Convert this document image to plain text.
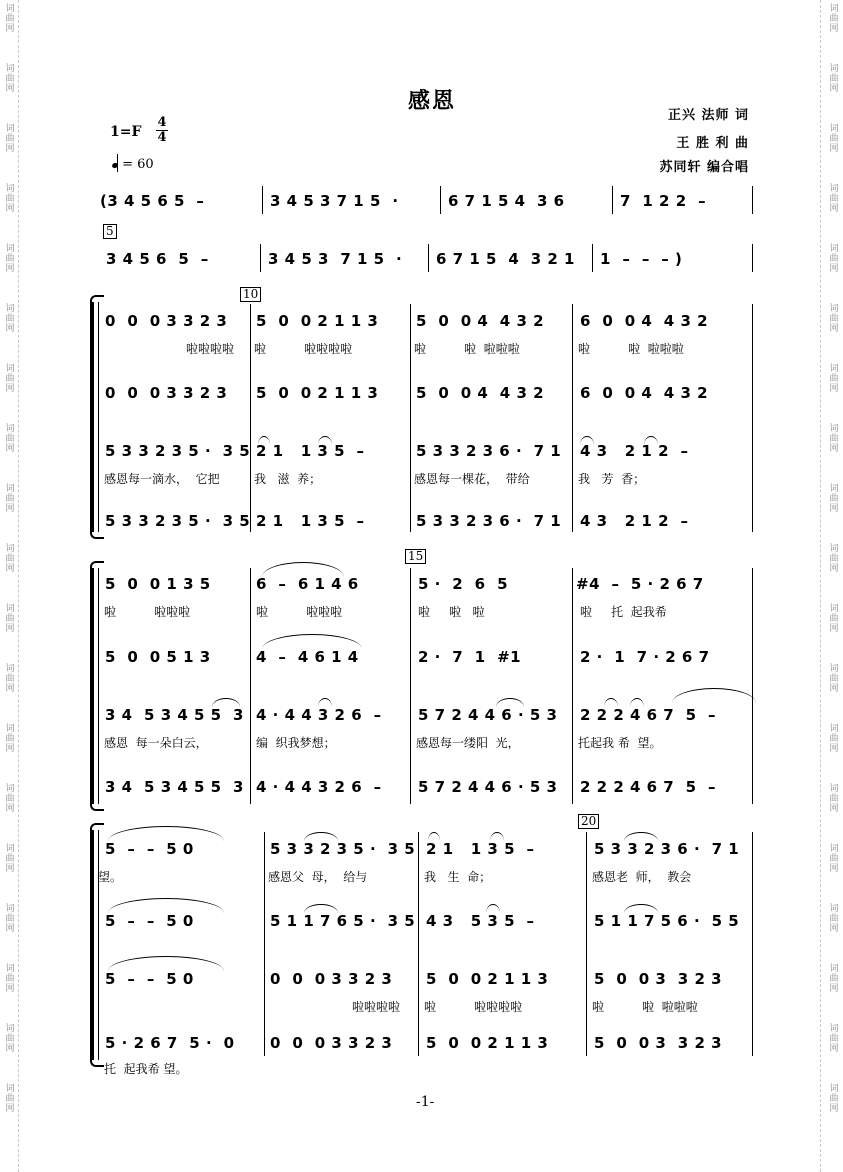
词
曲
网
词
曲
网
词
曲
网
词
曲
网
词
曲
网
词
曲
网
词
曲
网
词
曲
网
词
曲
网
词
曲
网
词
曲
网
词
曲
网
词
曲
网
词
曲
网
词
曲
网
词
曲
网
词
曲
网
词
曲
网
词
曲
网
词
曲
网
词
曲
网
词
曲
网
词
曲
网
词
曲
网
词
曲
网
词
曲
网
词
曲
网
词
曲
网
词
曲
网
词
曲
网
词
曲
网
词
曲
网
词
曲
网
词
曲
网
词
曲
网
词
曲
网
词
曲
网
词
曲
网
感恩
正兴 法师 词
王 胜 利 曲
苏同轩 编合唱
1=F
4
4
= 60
(3 4 5 6 5  –	3 4 5 3 7 1 5  ·	6 7 1 5 4  3 6	7  1 2 2  –
5
3 4 5 6  5  –	3 4 5 3  7 1 5  · 6 7 1 5  4  3 2 1 1  –  –  – )
10
0  0  0 3 3 2 3 5  0  0 2 1 1 3	5  0  0 4  4 3 2 6  0  0 4  4 3 2
啦啦啦啦 啦          啦啦啦啦	啦          啦  啦啦啦	啦          啦  啦啦啦
0  0  0 3 3 2 3 5  0  0 2 1 1 3	5  0  0 4  4 3 2 6  0  0 4  4 3 2
5 3 3 2 3 5 ·  3 5 2 1   1 3 5  –	5 3 3 2 3 6 ·  7 1 4 3   2 1 2  –
感恩每一滴水，  它把	我   滋  养；	感恩每一棵花，  带给	我   芳  香；
5 3 3 2 3 5 ·  3 5 2 1   1 3 5  –	5 3 3 2 3 6 ·  7 1 4 3   2 1 2  –
15
5  0  0 1 3 5	6  –  6 1 4 6	5 ·  2  6  5	#4  –  5 · 2 6 7
啦          啦啦啦	啦          啦啦啦	啦     啦   啦	啦     托  起我希
5  0  0 5 1 3	4  –  4 6 1 4	2 ·  7  1  #1	2 ·  1  7 · 2 6 7
3 4  5 3 4 5 5  3 4 · 4 4 3 2 6  – 5 7 2 4 4 6 · 5 3 2 2 2 4 6 7  5  –
感恩  每一朵白云，	编  织我梦想；	感恩每一缕阳  光，	托起我 希  望。
3 4  5 3 4 5 5  3 4 · 4 4 3 2 6  – 5 7 2 4 4 6 · 5 3 2 2 2 4 6 7  5  –
20
5  –  –  5 0	5 3 3 2 3 5 ·  3 5 2 1   1 3 5  –	5 3 3 2 3 6 ·  7 1
望。	感恩父  母，  给与	我   生  命；	感恩老  师，  教会
5  –  –  5 0	5 1 1 7 6 5 ·  3 5 4 3   5 3 5  –	5 1 1 7 5 6 ·  5 5
5  –  –  5 0	0  0  0 3 3 2 3 5  0  0 2 1 1 3	5  0  0 3  3 2 3
啦啦啦啦 啦          啦啦啦啦	啦          啦  啦啦啦
5 · 2 6 7  5 ·  0 0  0  0 3 3 2 3 5  0  0 2 1 1 3	5  0  0 3  3 2 3
托  起我希 望。
-1-
